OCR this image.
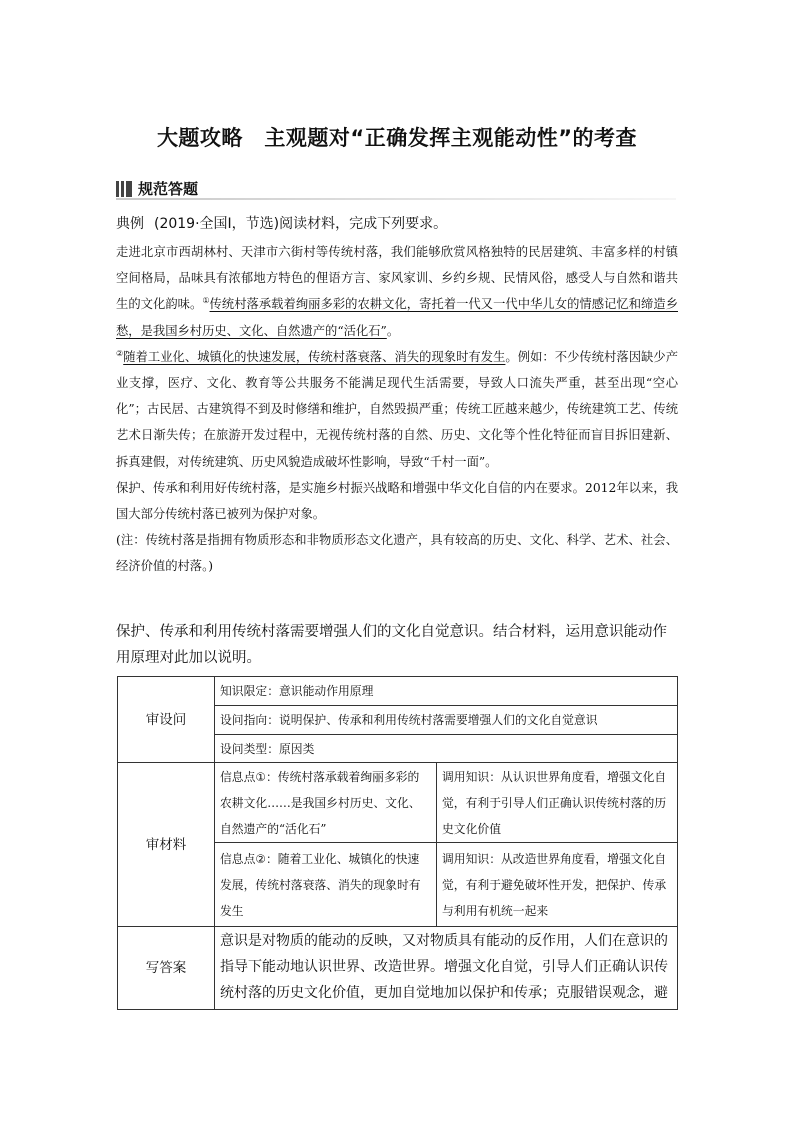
大题攻略　主观题对“正确发挥主观能动性”的考查
规范答题
典例 (2019·全国Ⅰ，节选)阅读材料，完成下列要求。

走进北京市西胡林村、天津市六街村等传统村落，我们能够欣赏风格独特的民居建筑、丰富多样的村镇空间格局，品味具有浓郁地方特色的俚语方言、家风家训、乡约乡规、民情风俗，感受人与自然和谐共生的文化韵味。①传统村落承载着绚丽多彩的农耕文化，寄托着一代又一代中华儿女的情感记忆和缔造乡愁，是我国乡村历史、文化、自然遗产的“活化石”。

②随着工业化、城镇化的快速发展，传统村落衰落、消失的现象时有发生。例如：不少传统村落因缺少产业支撑，医疗、文化、教育等公共服务不能满足现代生活需要，导致人口流失严重，甚至出现“空心化”；古民居、古建筑得不到及时修缮和维护，自然毁损严重；传统工匠越来越少，传统建筑工艺、传统艺术日渐失传；在旅游开发过程中，无视传统村落的自然、历史、文化等个性化特征而盲目拆旧建新、拆真建假，对传统建筑、历史风貌造成破坏性影响，导致“千村一面”。

保护、传承和利用好传统村落，是实施乡村振兴战略和增强中华文化自信的内在要求。2012年以来，我国大部分传统村落已被列为保护对象。

(注：传统村落是指拥有物质形态和非物质形态文化遗产，具有较高的历史、文化、科学、艺术、社会、经济价值的村落。)

保护、传承和利用传统村落需要增强人们的文化自觉意识。结合材料，运用意识能动作用原理对此加以说明。
审设问	知识限定：意识能动作用原理	
	设问指向：说明保护、传承和利用传统村落需要增强人们的文化自觉意识	
	设问类型：原因类	
审材料	信息点①：传统村落承载着绚丽多彩的农耕文化……是我国乡村历史、文化、自然遗产的“活化石”	调用知识：从认识世界角度看，增强文化自觉，有利于引导人们正确认识传统村落的历史文化价值
	信息点②：随着工业化、城镇化的快速发展，传统村落衰落、消失的现象时有发生	调用知识：从改造世界角度看，增强文化自觉，有利于避免破坏性开发，把保护、传承与利用有机统一起来
写答案	意识是对物质的能动的反映，又对物质具有能动的反作用，人们在意识的指导下能动地认识世界、改造世界。增强文化自觉，引导人们正确认识传统村落的历史文化价值，更加自觉地加以保护和传承；克服错误观念，避	
